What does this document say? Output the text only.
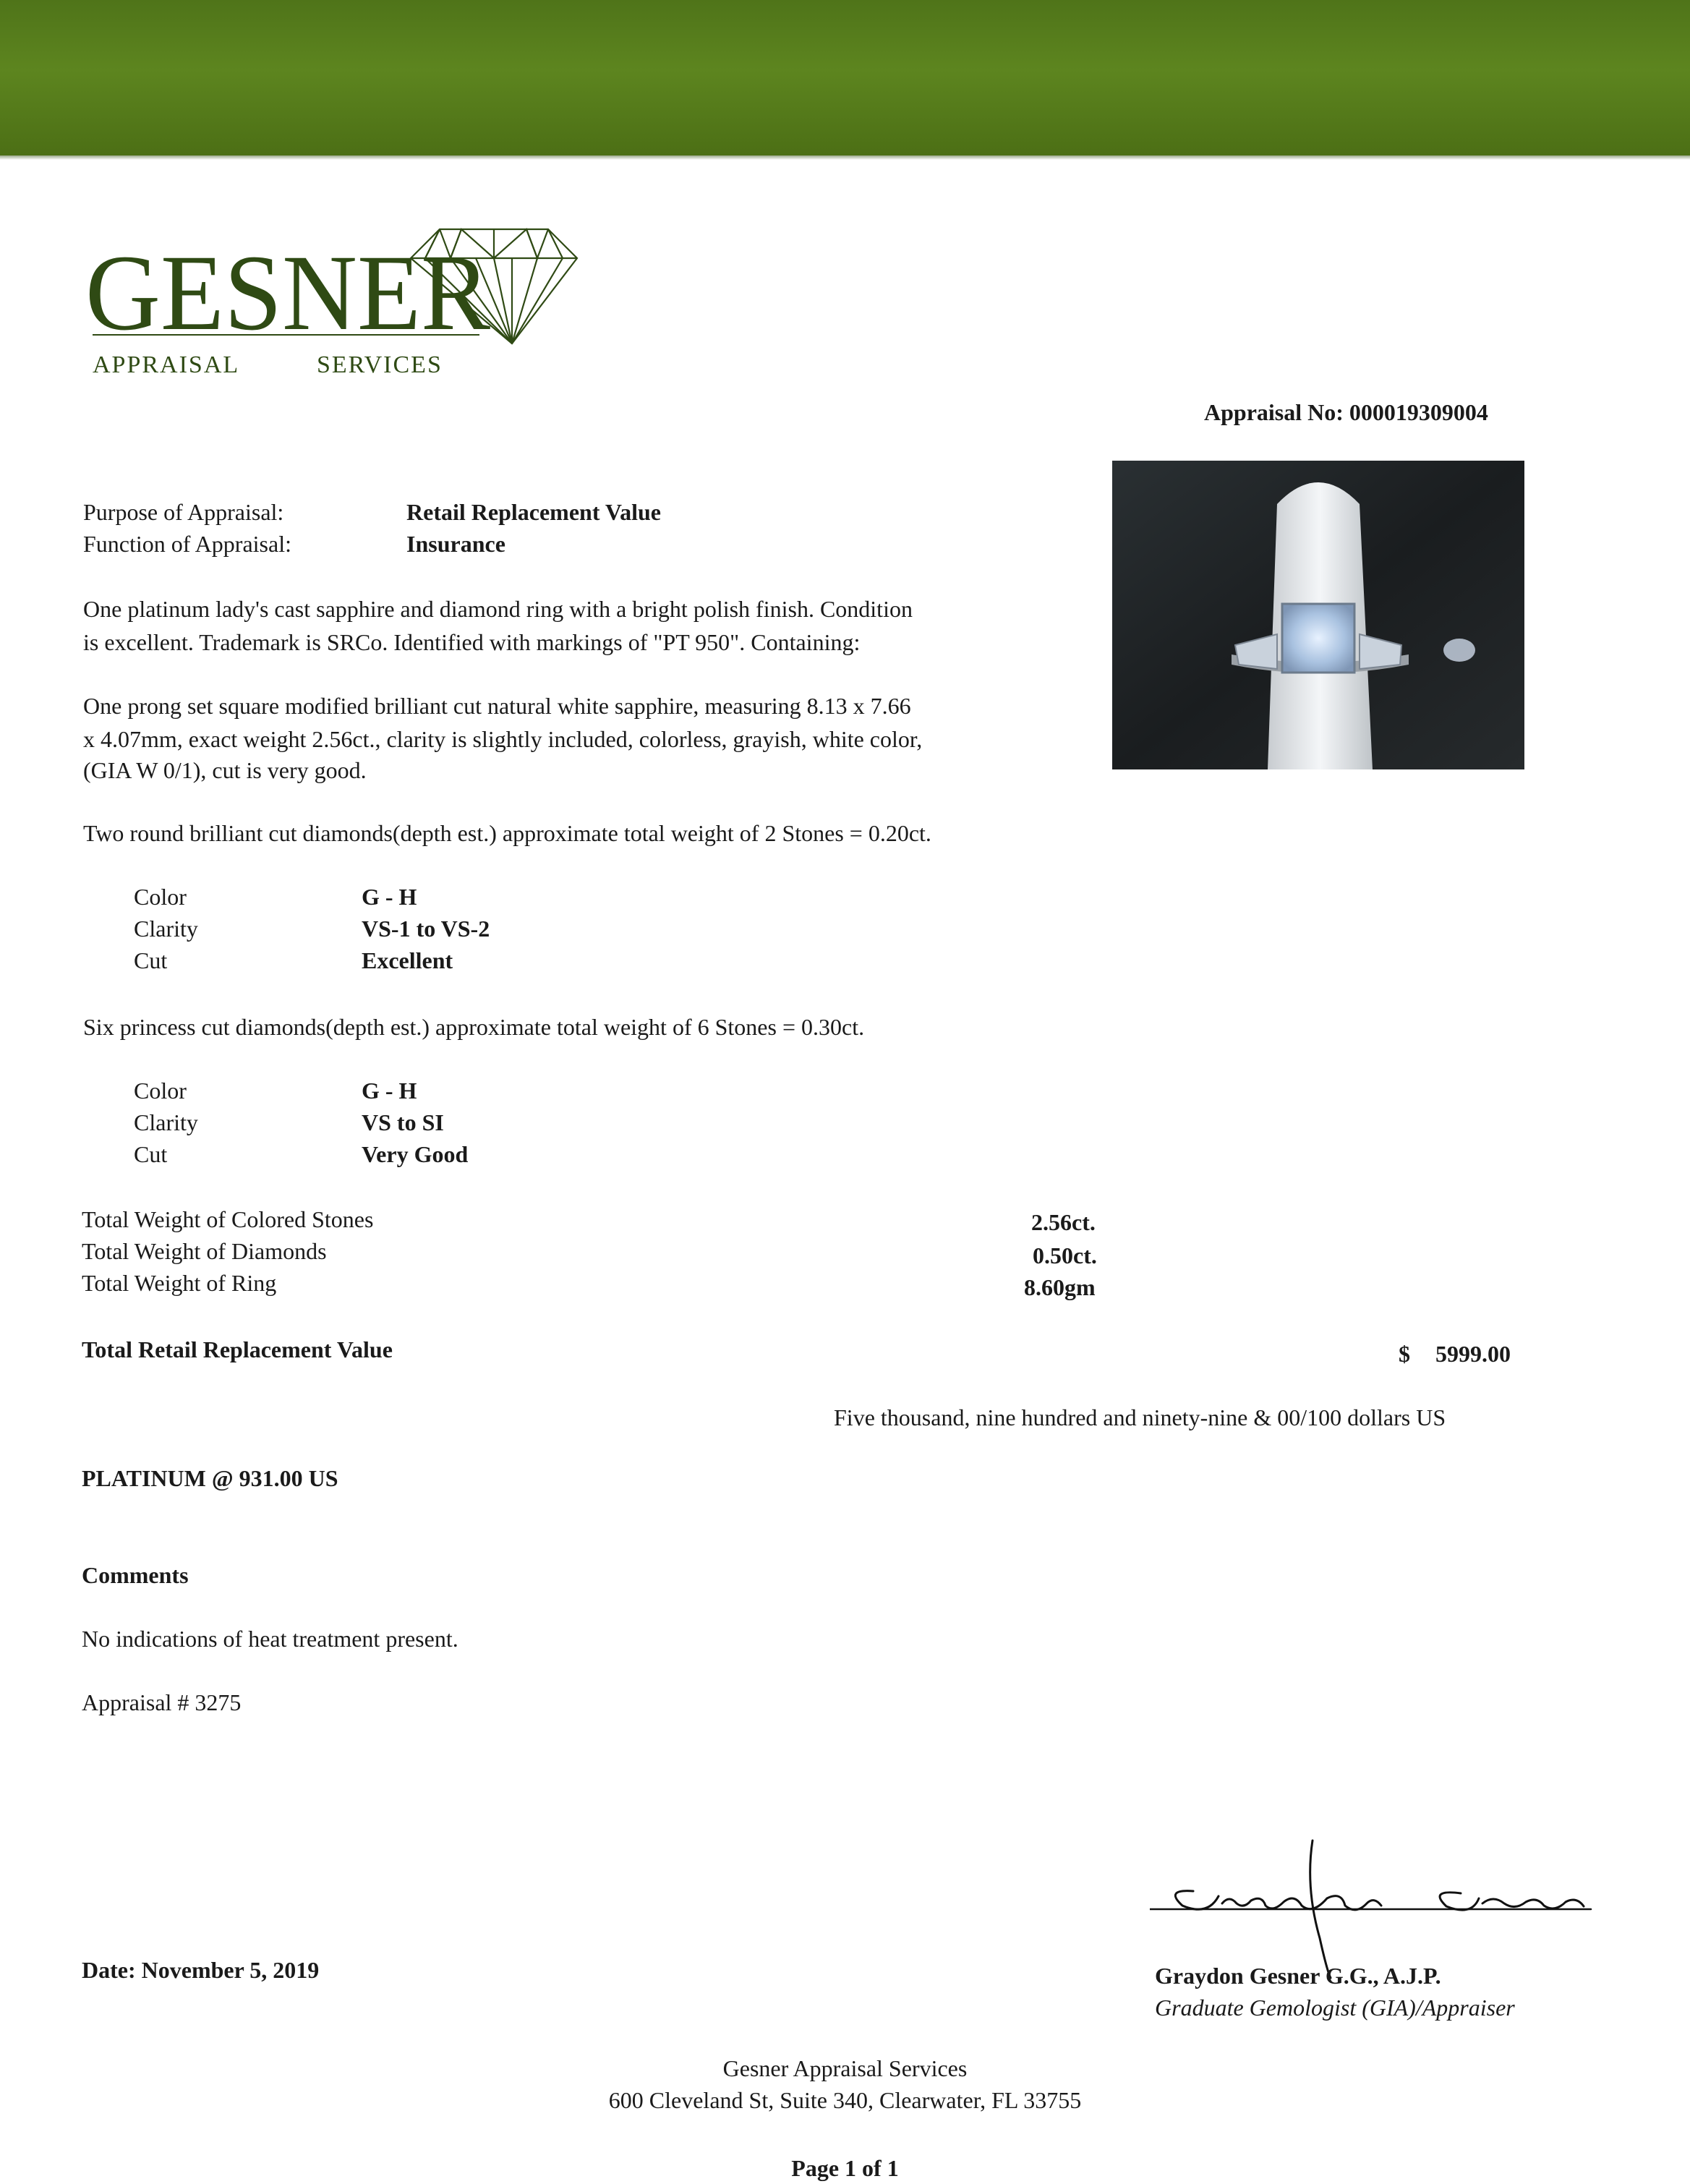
GESNER
APPRAISAL	SERVICES
Appraisal No: 000019309004
Purpose of Appraisal:	Retail Replacement Value
Function of Appraisal:	Insurance
One platinum lady's cast sapphire and diamond ring with a bright polish finish. Condition
is excellent. Trademark is SRCo. Identified with markings of "PT 950". Containing:
One prong set square modified brilliant cut natural white sapphire, measuring 8.13 x 7.66
x 4.07mm, exact weight 2.56ct., clarity is slightly included, colorless, grayish, white color,
(GIA W 0/1), cut is very good.
Two round brilliant cut diamonds(depth est.) approximate total weight of 2 Stones = 0.20ct.
Color	G - H
Clarity	VS-1 to VS-2
Cut	Excellent
Six princess cut diamonds(depth est.) approximate total weight of 6 Stones = 0.30ct.
Color	G - H
Clarity	VS to SI
Cut	Very Good
Total Weight of Colored Stones	2.56ct.
Total Weight of Diamonds	0.50ct.
Total Weight of Ring	8.60gm
Total Retail Replacement Value	$ 5999.00
Five thousand, nine hundred and ninety-nine & 00/100 dollars US
PLATINUM @ 931.00 US
Comments
No indications of heat treatment present.
Appraisal # 3275
Date: November 5, 2019	Graydon Gesner G.G., A.J.P.
Graduate Gemologist (GIA)/Appraiser
Gesner Appraisal Services
600 Cleveland St, Suite 340, Clearwater, FL 33755
Page 1 of 1
